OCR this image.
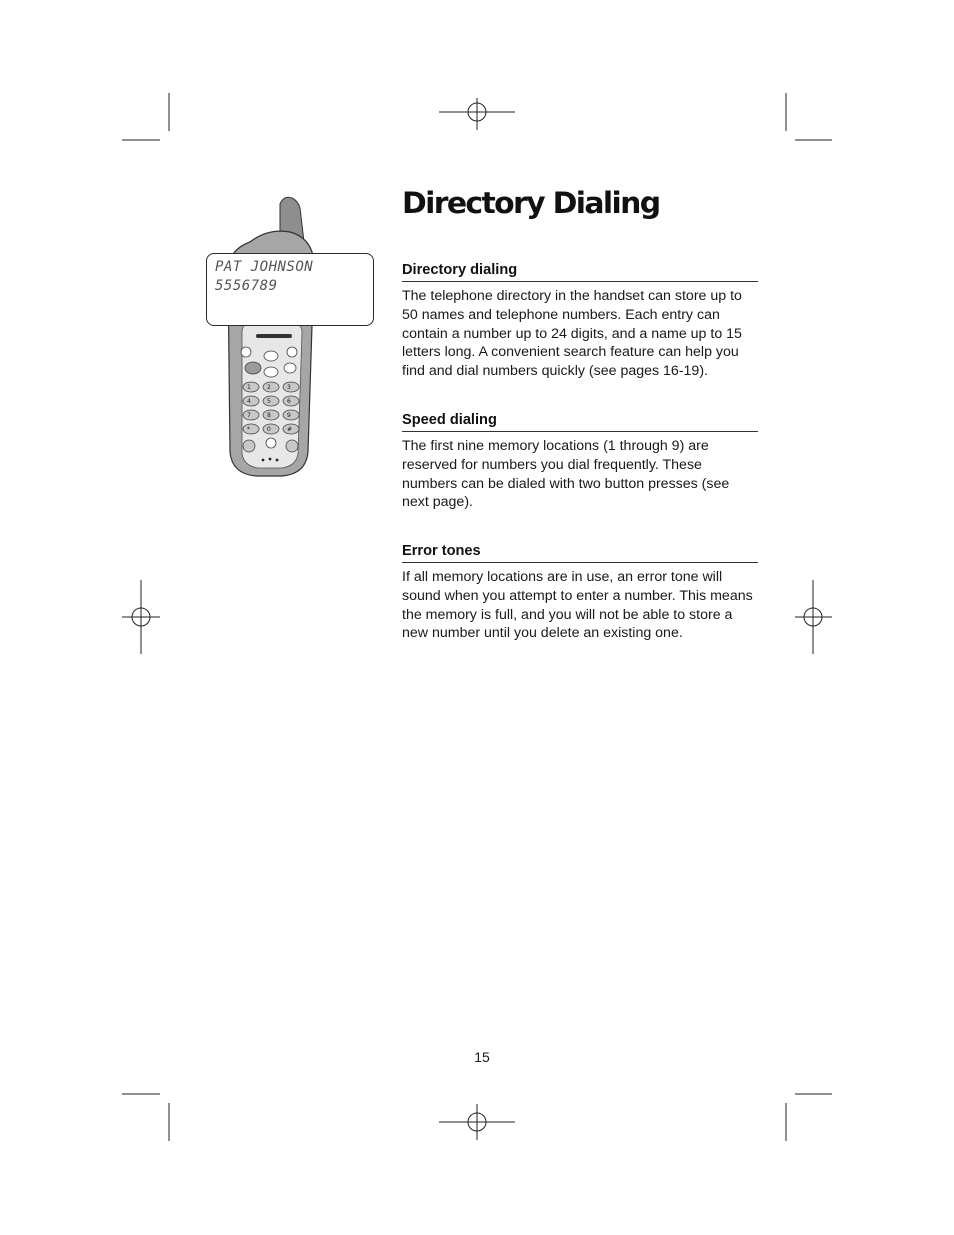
1	2	3
4	5	6
7	8	9
*	0	#
PAT JOHNSON
5556789
Directory Dialing
Directory dialing

The telephone directory in the handset can store up to 50 names and telephone numbers. Each entry can contain a number up to 24 digits, and a name up to 15 letters long. A convenient search feature can help you find and dial numbers quickly (see pages 16-19).

Speed dialing

The first nine memory locations (1 through 9) are reserved for numbers you dial frequently. These numbers can be dialed with two button presses (see next page).

Error tones

If all memory locations are in use, an error tone will sound when you attempt to enter a number. This means the memory is full, and you will not be able to store a new number until you delete an existing one.

15
